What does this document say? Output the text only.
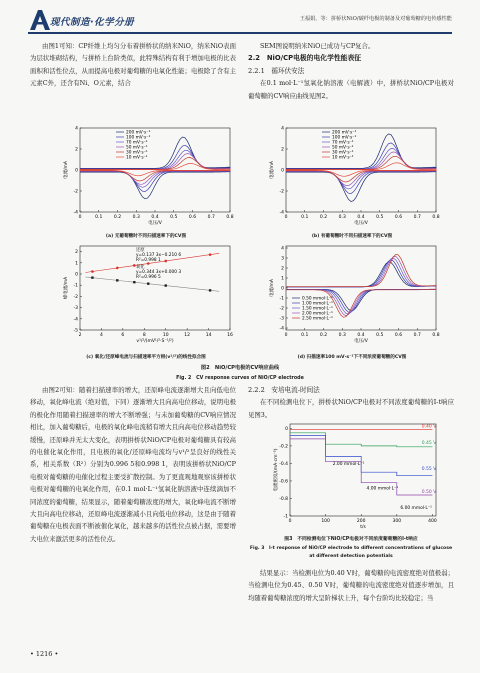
现代制造·化学分册	王福娟，等：拼桥状NiO/碳纤电极的制备及对葡萄糖的电传感性能

由图1可知：CP纤维上均匀分布着拼桥状的纳米NiO，纳米NiO表面为层状堆砌结构，与拼桥上台阶类似，此特殊结构有利于增加电极的比表面积和活性位点，从而提高电极对葡萄糖的电氧化性能；电极除了含有主元素C外，还含有Ni、O元素，结合

SEM图说明纳米NiO已成功与CP复合。

2.2　NiO/CP电极的电化学性能表征
2.2.1　循环伏安法

在0.1 mol·L⁻¹氢氧化钠溶液（电解液）中，拼桥状NiO/CP电极对葡萄糖的CV响应曲线见图2。

0	0.1	0.2	0.3	0.4	0.5	0.6	0.7	0.8
-4
-2
0
2
4
电压/V
电流/mA
200 mV·s⁻¹
100 mV·s⁻¹
70 mV·s⁻¹
50 mV·s⁻¹
30 mV·s⁻¹
10 mV·s⁻¹
(a) 无葡萄糖时不同扫描速率下的CV图
0	0.1	0.2	0.3	0.4	0.5	0.6	0.7	0.8
-4
-2
0
2
4
电压/V
电流/mA
200 mV·s⁻¹
100 mV·s⁻¹
70 mV·s⁻¹
50 mV·s⁻¹
30 mV·s⁻¹
10 mV·s⁻¹
(b) 有葡萄糖时不同扫描速率下的CV图
2	4	6	8	10	12	14	16
-5
-4
-3
-2
-1
0
1
2
v¹/²/(mV¹/²·S⁻¹/²)
峰电流/mA
还原
y=0.137 3x−0.210 6
R²=0.998 1
氧化
y=0.344 3x+0.000 3
R²=0.996 5
(c) 氧化/还原峰电流与扫描速率平方根(v¹/²)的线性拟合图
0	0.1	0.2	0.3	0.4	0.5	0.6	0.7	0.8
-4
-3
-2
-1
0
1
2
3
4
电压/V
电流/mA
0.50 mmol·L⁻¹
1.00 mmol·L⁻¹
1.50 mmol·L⁻¹
2.00 mmol·L⁻¹
2.50 mmol·L⁻¹
(d) 扫描速率100 mV·s⁻¹下不同浓度葡萄糖的CV图
图2　NiO/CP电极的CV响应曲线
Fig. 2　CV response curves of NiO/CP electrode

由图2可知：随着扫描速率的增大，还原峰电流逐渐增大且向低电位移动，氧化峰电流（绝对值，下同）逐渐增大且向高电位移动，说明电极的极化作用随着扫描速率的增大不断增强；与未加葡萄糖的CV响应情况相比，加入葡萄糖后，电极的氧化峰电流稍有增大且向高电位移动趋势较缓慢，还原峰并无太大变化，表明拼桥状NiO/CP电极对葡萄糖具有较高的电催化氧化作用，且电极的氧化/还原峰电流均与v¹/²呈良好的线性关系，相关系数（R²）分别为0.996 5和0.998 1，表明该拼桥状NiO/CP电极对葡萄糖的电催化过程主要受扩散控制。为了更直观地观察该拼桥状电极对葡萄糖的电氧化作用，在0.1 mol·L⁻¹氢氧化钠溶液中连续滴加不同浓度的葡萄糖，结果显示，随着葡萄糖浓度的增大，氧化峰电流不断增大且向高电位移动，还原峰电流逐渐减小且向低电位移动，这是由于随着葡萄糖在电极表面不断被催化氧化，越来越多的活性位点被占据，需要增大电位来激活更多的活性位点。

2.2.2　安培电流-时间法

在不同检测电位下，拼桥状NiO/CP电极对不同浓度葡萄糖的I-t响应见图3。

0	100	200	300	400
-1
-0.8
-0.6
-0.4
-0.2
0
t/s
电流密度/(mA·cm⁻²)
0.40 V
0.45 V
0.55 V
0.50 V
2.00 mmol·L⁻¹
4.00 mmol·L⁻¹
6.00 mmol·L⁻¹
图3　不同检测电位下NiO/CP电极对不同浓度葡萄糖的I-t响应
Fig. 3　I-t response of NiO/CP electrode to different concentrations of glucose at different detection potentials

结果显示：当检测电位为0.40 V时，葡萄糖的电流密度绝对值极弱；当检测电位为0.45、0.50 V时，葡萄糖的电流密度绝对值逐步增加，且均随着葡萄糖浓度的增大呈阶梯状上升，每个台阶均比较稳定；当

• 1216 •
